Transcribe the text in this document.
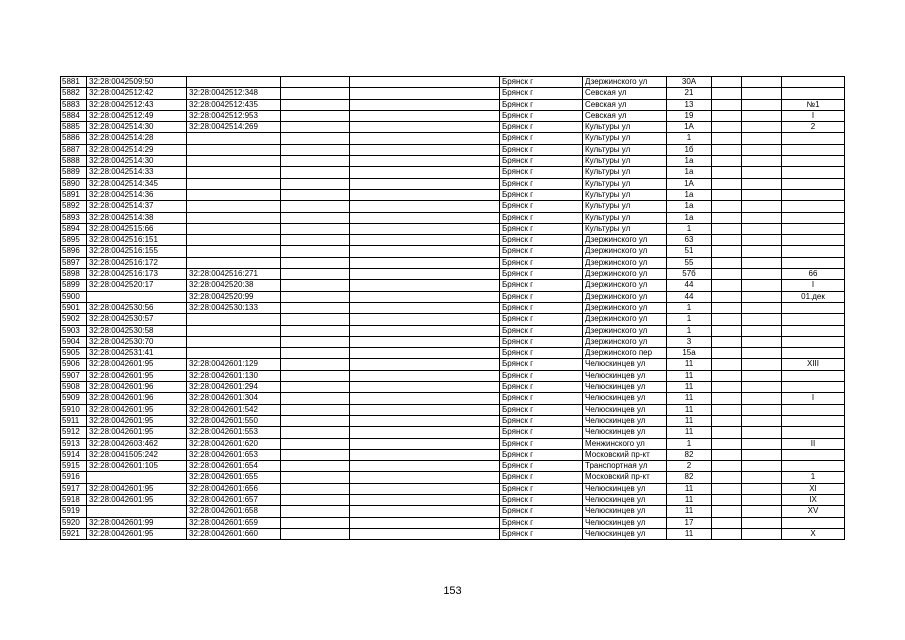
5881	32:28:0042509:50				Брянск г	Дзержинского ул	30А			
5882	32:28:0042512:42	32:28:0042512:348			Брянск г	Севская ул	21			
5883	32:28:0042512:43	32:28:0042512:435			Брянск г	Севская ул	13			№1
5884	32:28:0042512:49	32:28:0042512:953			Брянск г	Севская ул	19			I
5885	32:28:0042514:30	32:28:0042514:269			Брянск г	Культуры ул	1А			2
5886	32:28:0042514:28				Брянск г	Культуры ул	1			
5887	32:28:0042514:29				Брянск г	Культуры ул	1б			
5888	32:28:0042514:30				Брянск г	Культуры ул	1а			
5889	32:28:0042514:33				Брянск г	Культуры ул	1а			
5890	32:28:0042514:345				Брянск г	Культуры ул	1А			
5891	32:28:0042514:36				Брянск г	Культуры ул	1а			
5892	32:28:0042514:37				Брянск г	Культуры ул	1а			
5893	32:28:0042514:38				Брянск г	Культуры ул	1а			
5894	32:28:0042515:66				Брянск г	Культуры ул	1			
5895	32:28:0042516:151				Брянск г	Дзержинского ул	63			
5896	32:28:0042516:155				Брянск г	Дзержинского ул	51			
5897	32:28:0042516:172				Брянск г	Дзержинского ул	55			
5898	32:28:0042516:173	32:28:0042516:271			Брянск г	Дзержинского ул	57б			66
5899	32:28:0042520:17	32:28:0042520:38			Брянск г	Дзержинского ул	44			I
5900		32:28:0042520:99			Брянск г	Дзержинского ул	44			01.дек
5901	32:28:0042530:56	32:28:0042530:133			Брянск г	Дзержинского ул	1			
5902	32:28:0042530:57				Брянск г	Дзержинского ул	1			
5903	32:28:0042530:58				Брянск г	Дзержинского ул	1			
5904	32:28:0042530:70				Брянск г	Дзержинского ул	3			
5905	32:28:0042531:41				Брянск г	Дзержинского пер	15а			
5906	32:28:0042601:95	32:28:0042601:129			Брянск г	Челюскинцев ул	11			XIII
5907	32:28:0042601:95	32:28:0042601:130			Брянск г	Челюскинцев ул	11			
5908	32:28:0042601:96	32:28:0042601:294			Брянск г	Челюскинцев ул	11			
5909	32:28:0042601:96	32:28:0042601:304			Брянск г	Челюскинцев ул	11			I
5910	32:28:0042601:95	32:28:0042601:542			Брянск г	Челюскинцев ул	11			
5911	32:28:0042601:95	32:28:0042601:550			Брянск г	Челюскинцев ул	11			
5912	32:28:0042601:95	32:28:0042601:553			Брянск г	Челюскинцев ул	11			
5913	32:28:0042603:462	32:28:0042601:620			Брянск г	Менжинского ул	1			II
5914	32:28:0041505:242	32:28:0042601:653			Брянск г	Московский пр-кт	82			
5915	32:28:0042601:105	32:28:0042601:654			Брянск г	Транспортная ул	2			
5916		32:28:0042601:655			Брянск г	Московский пр-кт	82			1
5917	32:28:0042601:95	32:28:0042601:656			Брянск г	Челюскинцев ул	11			XI
5918	32:28:0042601:95	32:28:0042601:657			Брянск г	Челюскинцев ул	11			IX
5919		32:28:0042601:658			Брянск г	Челюскинцев ул	11			XV
5920	32:28:0042601:99	32:28:0042601:659			Брянск г	Челюскинцев ул	17			
5921	32:28:0042601:95	32:28:0042601:660			Брянск г	Челюскинцев ул	11			X
153
